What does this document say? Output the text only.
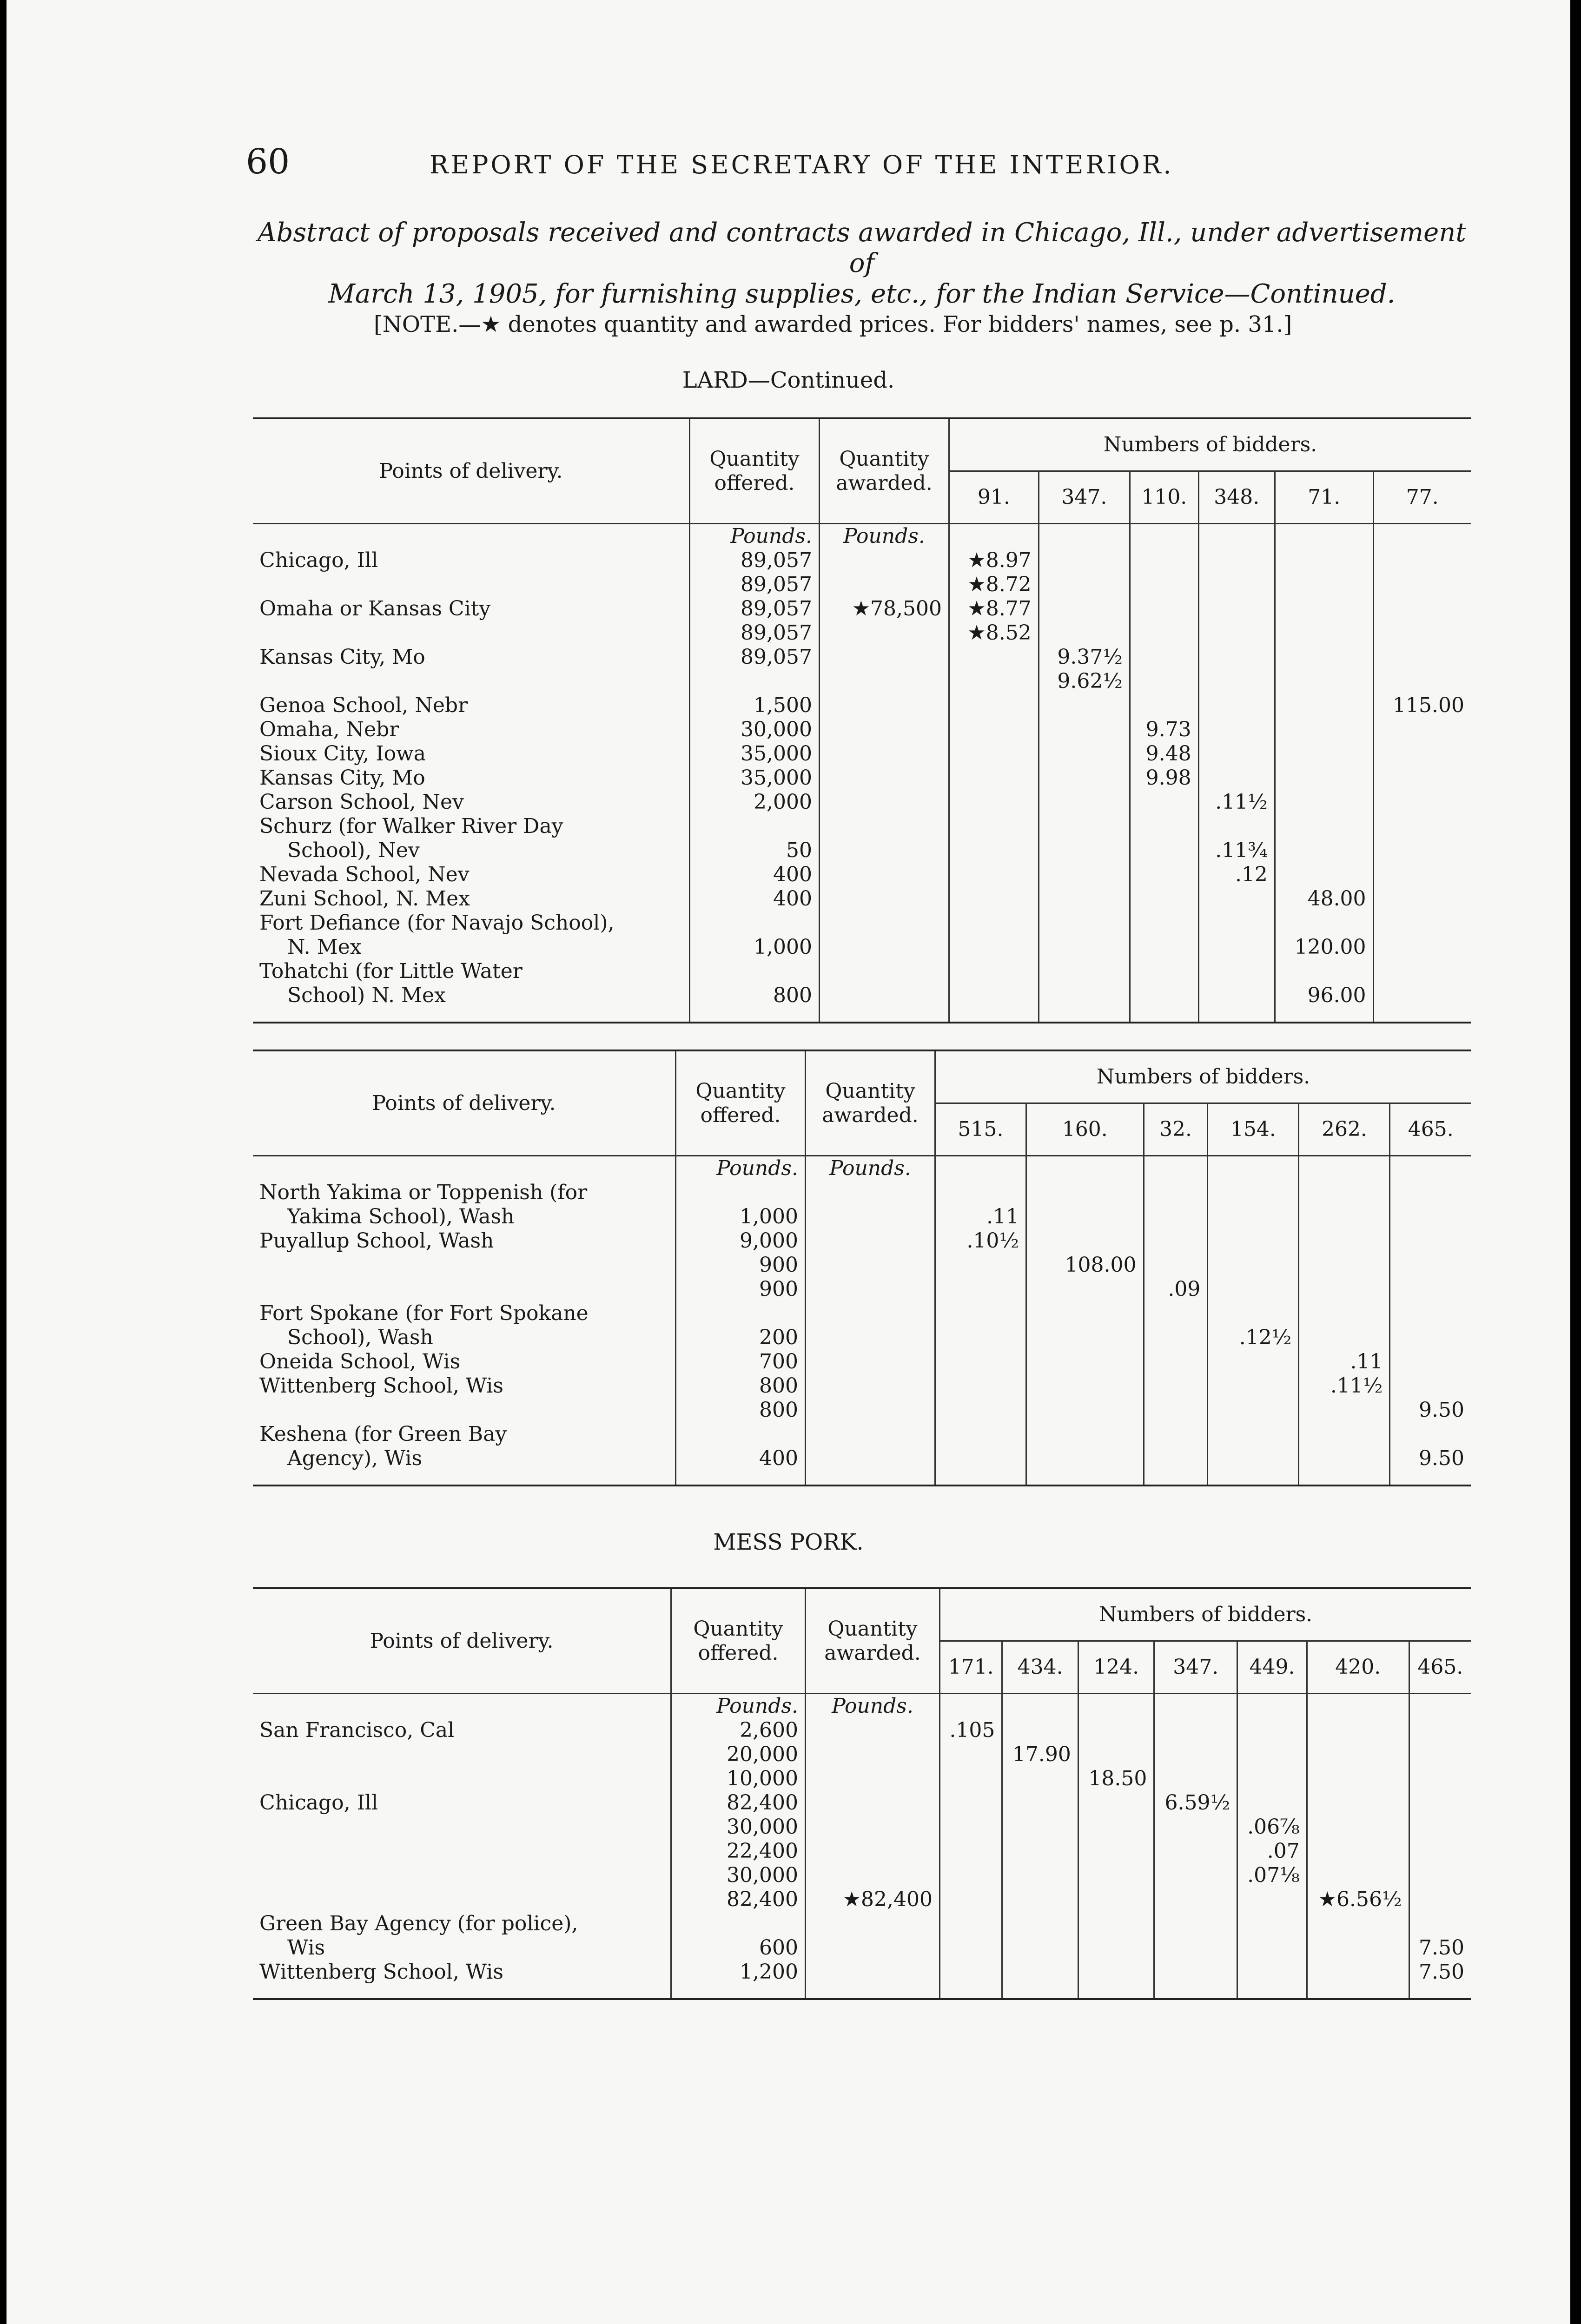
60	REPORT OF THE SECRETARY OF THE INTERIOR.
Abstract of proposals received and contracts awarded in Chicago, Ill., under advertisement of
March 13, 1905, for furnishing supplies, etc., for the Indian Service—Continued.
[NOTE.—★ denotes quantity and awarded prices. For bidders' names, see p. 31.]
LARD—Continued.
Points of delivery.	Quantity offered.	Quantity awarded.	Numbers of bidders.					
			91.	347.	110.	348.	71.	77.
	Pounds.	Pounds.						

Chicago, Ill	89,057		★8.97					
	89,057		★8.72					

Omaha or Kansas City	89,057	★78,500	★8.77					
	89,057		★8.52					

Kansas City, Mo	89,057			9.37½				
				9.62½				

Genoa School, Nebr	1,500							115.00

Omaha, Nebr	30,000				9.73			

Sioux City, Iowa	35,000				9.48			

Kansas City, Mo	35,000				9.98			

Carson School, Nev	2,000					.11½		

Schurz (for Walker River Day
School), Nev	50					.11¾		

Nevada School, Nev	400					.12		

Zuni School, N. Mex	400						48.00	

Fort Defiance (for Navajo School),
N. Mex	1,000						120.00	

Tohatchi (for Little Water
School) N. Mex	800						96.00	

Points of delivery.	Quantity offered.	Quantity awarded.	Numbers of bidders.					
			515.	160.	32.	154.	262.	465.
	Pounds.	Pounds.						

North Yakima or Toppenish (for
Yakima School), Wash	1,000		.11					

Puyallup School, Wash	9,000		.10½					
	900			108.00				
	900				.09			

Fort Spokane (for Fort Spokane
School), Wash	200					.12½		

Oneida School, Wis	700						.11	

Wittenberg School, Wis	800						.11½	
	800							9.50

Keshena (for Green Bay
Agency), Wis	400							9.50

MESS PORK.
Points of delivery.	Quantity offered.	Quantity awarded.	Numbers of bidders.						
			171.	434.	124.	347.	449.	420.	465.
	Pounds.	Pounds.							

San Francisco, Cal	2,600		.105						
	20,000			17.90					
	10,000				18.50				

Chicago, Ill	82,400					6.59½			
	30,000						.06⅞		
	22,400						.07		
	30,000						.07⅛		
	82,400	★82,400						★6.56½	

Green Bay Agency (for police),
Wis	600								7.50

Wittenberg School, Wis	1,200								7.50
